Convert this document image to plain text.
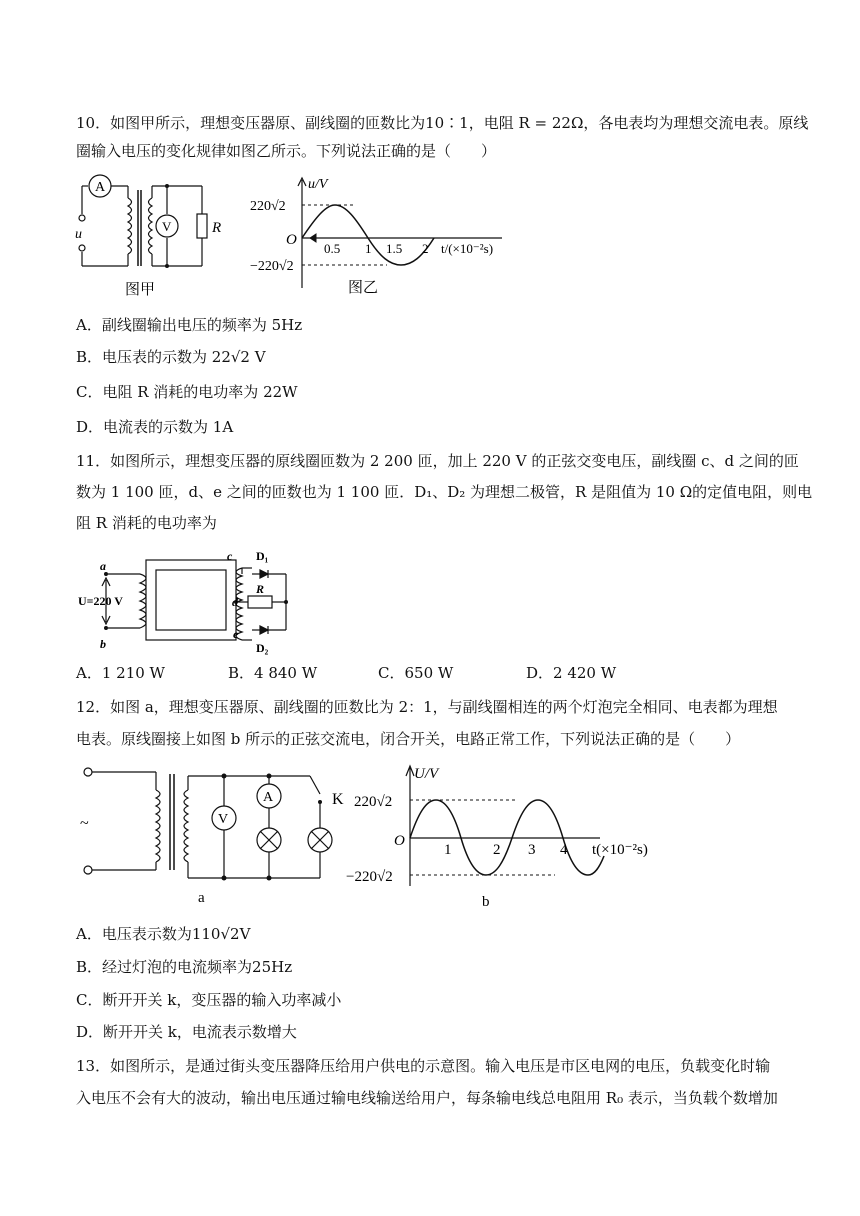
10．如图甲所示，理想变压器原、副线圈的匝数比为10∶1，电阻 R = 22Ω，各电表均为理想交流电表。原线
圈输入电压的变化规律如图乙所示。下列说法正确的是（　　）
A
V	R
u
图甲
u/V
220√2
−220√2
O
0.5 1 1.5 2 t/(×10⁻²s)
图乙
A．副线圈输出电压的频率为 5Hz
B．电压表的示数为 22√2 V
C．电阻 R 消耗的电功率为 22W
D．电流表的示数为 1A
11．如图所示，理想变压器的原线圈匝数为 2 200 匝，加上 220 V 的正弦交变电压，副线圈 c、d 之间的匝
数为 1 100 匝，d、e 之间的匝数也为 1 100 匝．D₁、D₂ 为理想二极管，R 是阻值为 10 Ω的定值电阻，则电
阻 R 消耗的电功率为
a
b
c
d
e
D₁
D₂
R
U=220 V
A．1 210 W	B．4 840 W	C．650 W	D．2 420 W
12．如图 a，理想变压器原、副线圈的匝数比为 2：1，与副线圈相连的两个灯泡完全相同、电表都为理想
电表。原线圈接上如图 b 所示的正弦交流电，闭合开关，电路正常工作，下列说法正确的是（　　）
~	V
A	K
a
U/V
220√2
−220√2
O
1	2 3 4 t(×10⁻²s)
b
A．电压表示数为110√2V
B．经过灯泡的电流频率为25Hz
C．断开开关 k，变压器的输入功率减小
D．断开开关 k，电流表示数增大
13．如图所示，是通过街头变压器降压给用户供电的示意图。输入电压是市区电网的电压，负载变化时输
入电压不会有大的波动，输出电压通过输电线输送给用户，每条输电线总电阻用 R₀ 表示，当负载个数增加
